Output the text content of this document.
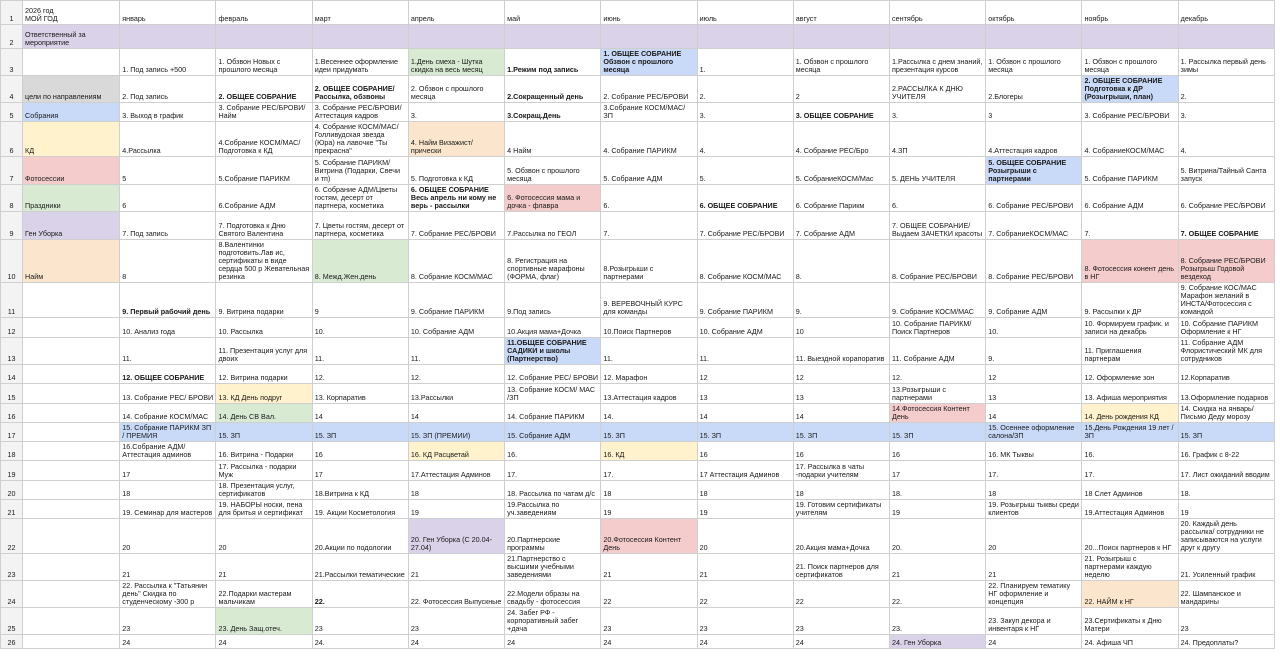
1	2026 год
МОЙ ГОД	январь	февраль	март	апрель	май	июнь	июль	август	сентябрь	октябрь	ноябрь	декабрь
2	Ответственный за мероприятие												
3		1. Под запись +500	1. Обзвон Новых с прошлого месяца	1.Весеннее оформление идеи придумать	1.День смеха - Шутка скидка на весь месяц	1.Режим под запись	1. ОБЩЕЕ СОБРАНИЕ Обзвон с прошлого месяца	1.	1. Обзвон с прошлого месяца	1.Рассылка с днем знаний, презентация курсов	1. Обзвон с прошлого месяца	1. Обзвон с прошлого месяца	1. Рассылка первый день зимы
4	цели по направлениям	2. Под запись	2. ОБЩЕЕ СОБРАНИЕ	2. ОБЩЕЕ СОБРАНИЕ/ Рассылка, обзвоны	2. Обзвон с прошлого месяца	2.Сокращенный день	2. Собрание РЕС/БРОВИ	2.	2	2.РАССЫЛКА К ДНЮ УЧИТЕЛЯ	2.Блогеры	2. ОБЩЕЕ СОБРАНИЕ Подготовка к ДР (Розыгрыши, план)	2.
5	Собрания	3. Выход в график	3. Собрание РЕС/БРОВИ/ Найм	3. Собрание РЕС/БРОВИ/ Аттестация кадров	3.	3.Сокращ.День	3.Собрание КОСМ/МАС/ ЗП	3.	3. ОБЩЕЕ СОБРАНИЕ	3.	3	3. Собрание РЕС/БРОВИ	3.
6	КД	4.Рассылка	4.Собрание КОСМ/МАС/ Подготовка к КД	4. Собрание КОСМ/МАС/ Голливудская звезда (Юра) на лавочке "Ты прекрасна"	4. Найм Визажист/ прически	4 Найм	4. Собрание ПАРИКМ	4.	4. Собрание РЕС/Бро	4.ЗП	4.Аттестация кадров	4. СобраниеКОСМ/МАС	4.
7	Фотосессии	5	5.Собрание ПАРИКМ	5. Собрание ПАРИКМ/ Витрина (Подарки, Свечи и тп)	5. Подготовка к КД	5. Обзвон с прошлого месяца	5. Собрание АДМ	5.	5. СобраниеКОСМ/Мас	5. ДЕНЬ УЧИТЕЛЯ	5. ОБЩЕЕ СОБРАНИЕ Розыгрыши с партнерами	5. Собрание ПАРИКМ	5. Витрина/Тайный Санта запуск
8	Праздники	6	6.Собрание АДМ	6. Собрание АДМ/Цветы гостям, десерт от партнера, косметика	6. ОБЩЕЕ СОБРАНИЕ Весь апрель ни кому не верь - рассылки	6. Фотосессия мама и дочка - флавра	6.	6. ОБЩЕЕ СОБРАНИЕ	6. Собрание Парикм	6.	6. Собрание РЕС/БРОВИ	6. Собрание АДМ	6. Собрание РЕС/БРОВИ
9	Ген Уборка	7. Под запись	7. Подготовка к Дню Святого Валентина	7. Цветы гостям, десерт от партнера, косметика	7. Собрание РЕС/БРОВИ	7.Рассылка по ГЕОЛ	7.	7. Собрание РЕС/БРОВИ	7. Собрание АДМ	7. ОБЩЕЕ СОБРАНИЕ/ Выдаем ЗАЧЕТКИ красоты	7. СобраниеКОСМ/МАС	7.	7. ОБЩЕЕ СОБРАНИЕ
10	Найм	8	8.Валентинки подготовить.Лав ис, сертификаты в виде сердца 500 р Жевательная резинка	8. Межд.Жен.день	8. Собрание КОСМ/МАС	8. Регистрация на спортивные марафоны (ФОРМА, флаг)	8.Розыгрыши с партнерами	8. Собрание КОСМ/МАС	8.	8. Собрание РЕС/БРОВИ	8. Собрание РЕС/БРОВИ	8. Фотосессия конент день в НГ	8. Собрание РЕС/БРОВИ Розыгрыш Годовой вездеход
11		9. Первый рабочий день	9. Витрина подарки	9	9. Собрание ПАРИКМ	9.Под запись	9. ВЕРЕВОЧНЫЙ КУРС для команды	9. Собрание ПАРИКМ	9.	9. Собрание КОСМ/МАС	9. Собрание АДМ	9. Рассылки к ДР	9. Собрание КОС/МАС Марафон желаний в ИНСТА/Фотосессия с командой
12		10. Анализ года	10. Рассылка	10.	10. Собрание АДМ	10.Акция мама+Дочка	10.Поиск Партнеров	10. Собрание АДМ	10	10. Собрание ПАРИКМ/ Поиск Партнеров	10.	10. Формируем график. и записи на декабрь	10. Собрание ПАРИКМ Оформление к НГ
13		11.	11. Презентация услуг для двоих	11.	11.	11.ОБЩЕЕ СОБРАНИЕ САДИКИ и школы (Партнерство)	11.	11.	11. Выездной корапоратив	11. Собрание АДМ	9.	11. Приглашения партнерам	11. Собрание АДМ Флористический МК для сотрудников
14		12. ОБЩЕЕ СОБРАНИЕ	12. Витрина подарки	12.	12.	12. Собрание РЕС/ БРОВИ	12. Марафон	12	12	12.	12	12. Оформление зон	12.Корпаратив
15		13. Собрание РЕС/ БРОВИ	13. КД День подруг	13. Корпаратив	13.Рассылки	13. Собрание КОСМ/ МАС /ЗП	13.Аттестация кадров	13	13	13.Розыгрыши с партнерами	13	13. Афиша мероприятия	13.Оформление подарков
16		14. Собрание КОСМ/МАС	14. День СВ Вал.	14	14	14. Собрание ПАРИКМ	14.	14	14	14.Фотосессия Контент День	14	14. День рождения КД	14. Скидка на январь/ Письмо Деду морозу
17		15. Собрание ПАРИКМ ЗП / ПРЕМИЯ	15. ЗП	15. ЗП	15. ЗП (ПРЕМИИ)	15. Собрание АДМ	15. ЗП	15. ЗП	15. ЗП	15. ЗП	15. Осеннее оформление салона/ЗП	15.День Рождения 19 лет /ЗП	15. ЗП
18		16.Собрание АДМ/ Аттестация админов	16. Витрина - Подарки	16	16. КД Расцветай	16.	16. КД	16	16	16	16. МК Тыквы	16.	16. График с 8-22
19		17	17. Рассылка - подарки Муж	17	17.Аттестация Админов	17.	17.	17 Аттестация Админов	17. Рассылка в чаты -подарки учителям	17	17.	17.	17. Лист ожиданий вводим
20		18	18. Презентация услуг, сертификатов	18.Витрина к КД	18	18. Рассылка по чатам д/с	18	18	18	18.	18	18 Слет Админов	18.
21		19. Семинар для мастеров	19. НАБОРЫ носки, пена для бритья и сертификат	19. Акции Косметология	19	19.Рассылка по уч.заведениям	19	19	19. Готовим сертификаты учителям	19	19. Розыгрыш тыквы среди клиентов	19.Аттестация Админов	19
22		20	20	20.Акции по подологии	20. Ген Уборка (С 20.04-27.04)	20.Партнерские программы	20.Фотосессия Контент День	20	20.Акция мама+Дочка	20.	20	20...Поиск партнеров к НГ	20. Каждый день рассылка/ сотрудники не записываются на услуги друг к другу
23		21	21	21.Рассылки тематические	21	21.Партнерство с высшими учебными заведениями	21	21	21. Поиск партнеров для сертификатов	21	21	21. Розыгрыш с партнерами каждую неделю	21. Усиленный график
24		22. Рассылка к "Татьянин день" Скидка по студенческому -300 р	22.Подарки мастерам мальчикам	22.	22. Фотосессия Выпускные	22.Модели образы на свадьбу - фотосессия	22	22	22	22.	22. Планируем тематику НГ оформление и концепция	22. НАЙМ к НГ	22. Шампанское и мандарины
25		23	23. День Защ.отеч.	23	23	24. Забег РФ - корпоративный забег +дача	23	23	23	23.	23. Закуп декора и инвентаря к НГ	23.Сертификаты к Дню Матери	23
26		24	24	24.	24	24	24	24	24	24. Ген Уборка	24	24. Афиша ЧП	24. Предоплаты?
